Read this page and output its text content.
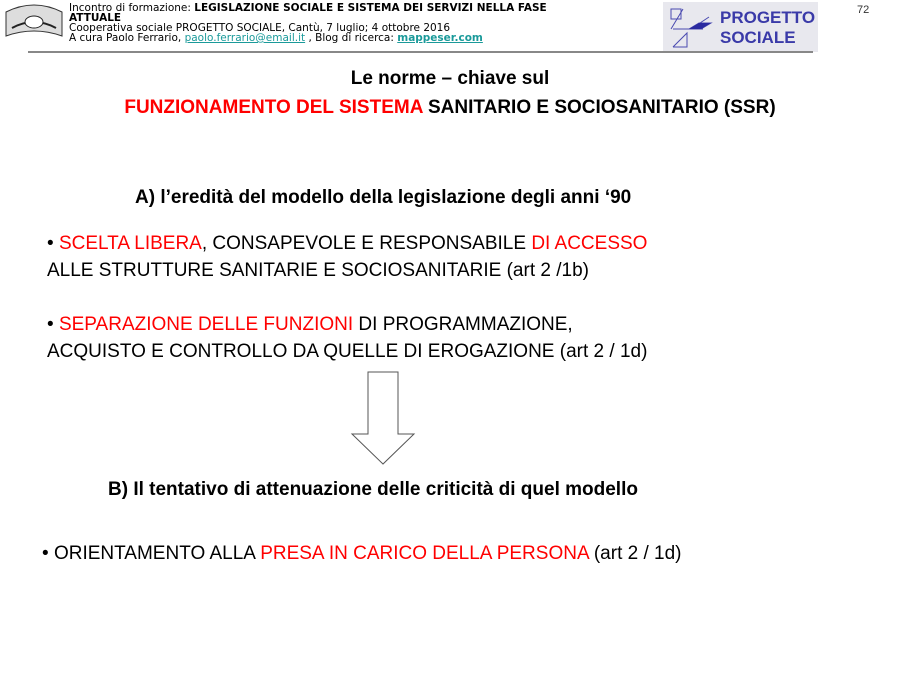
Incontro di formazione: LEGISLAZIONE SOCIALE E SISTEMA DEI SERVIZI NELLA FASE
ATTUALE
Cooperativa sociale PROGETTO SOCIALE, Cantù, 7 luglio; 4 ottobre 2016
A cura Paolo Ferrario, paolo.ferrario@email.it , Blog di ricerca: mappeser.com
PROGETTO
SOCIALE
72
Le norme – chiave sul
FUNZIONAMENTO DEL SISTEMA SANITARIO E SOCIOSANITARIO (SSR)
A) l’eredità del modello della legislazione degli anni ‘90
• SCELTA LIBERA, CONSAPEVOLE E RESPONSABILE DI ACCESSO
ALLE STRUTTURE SANITARIE E SOCIOSANITARIE (art 2 /1b)
• SEPARAZIONE DELLE FUNZIONI DI PROGRAMMAZIONE,
ACQUISTO E CONTROLLO DA QUELLE DI EROGAZIONE (art 2 / 1d)
B) Il tentativo di attenuazione delle criticità di quel modello
• ORIENTAMENTO ALLA PRESA IN CARICO DELLA PERSONA (art 2 / 1d)
